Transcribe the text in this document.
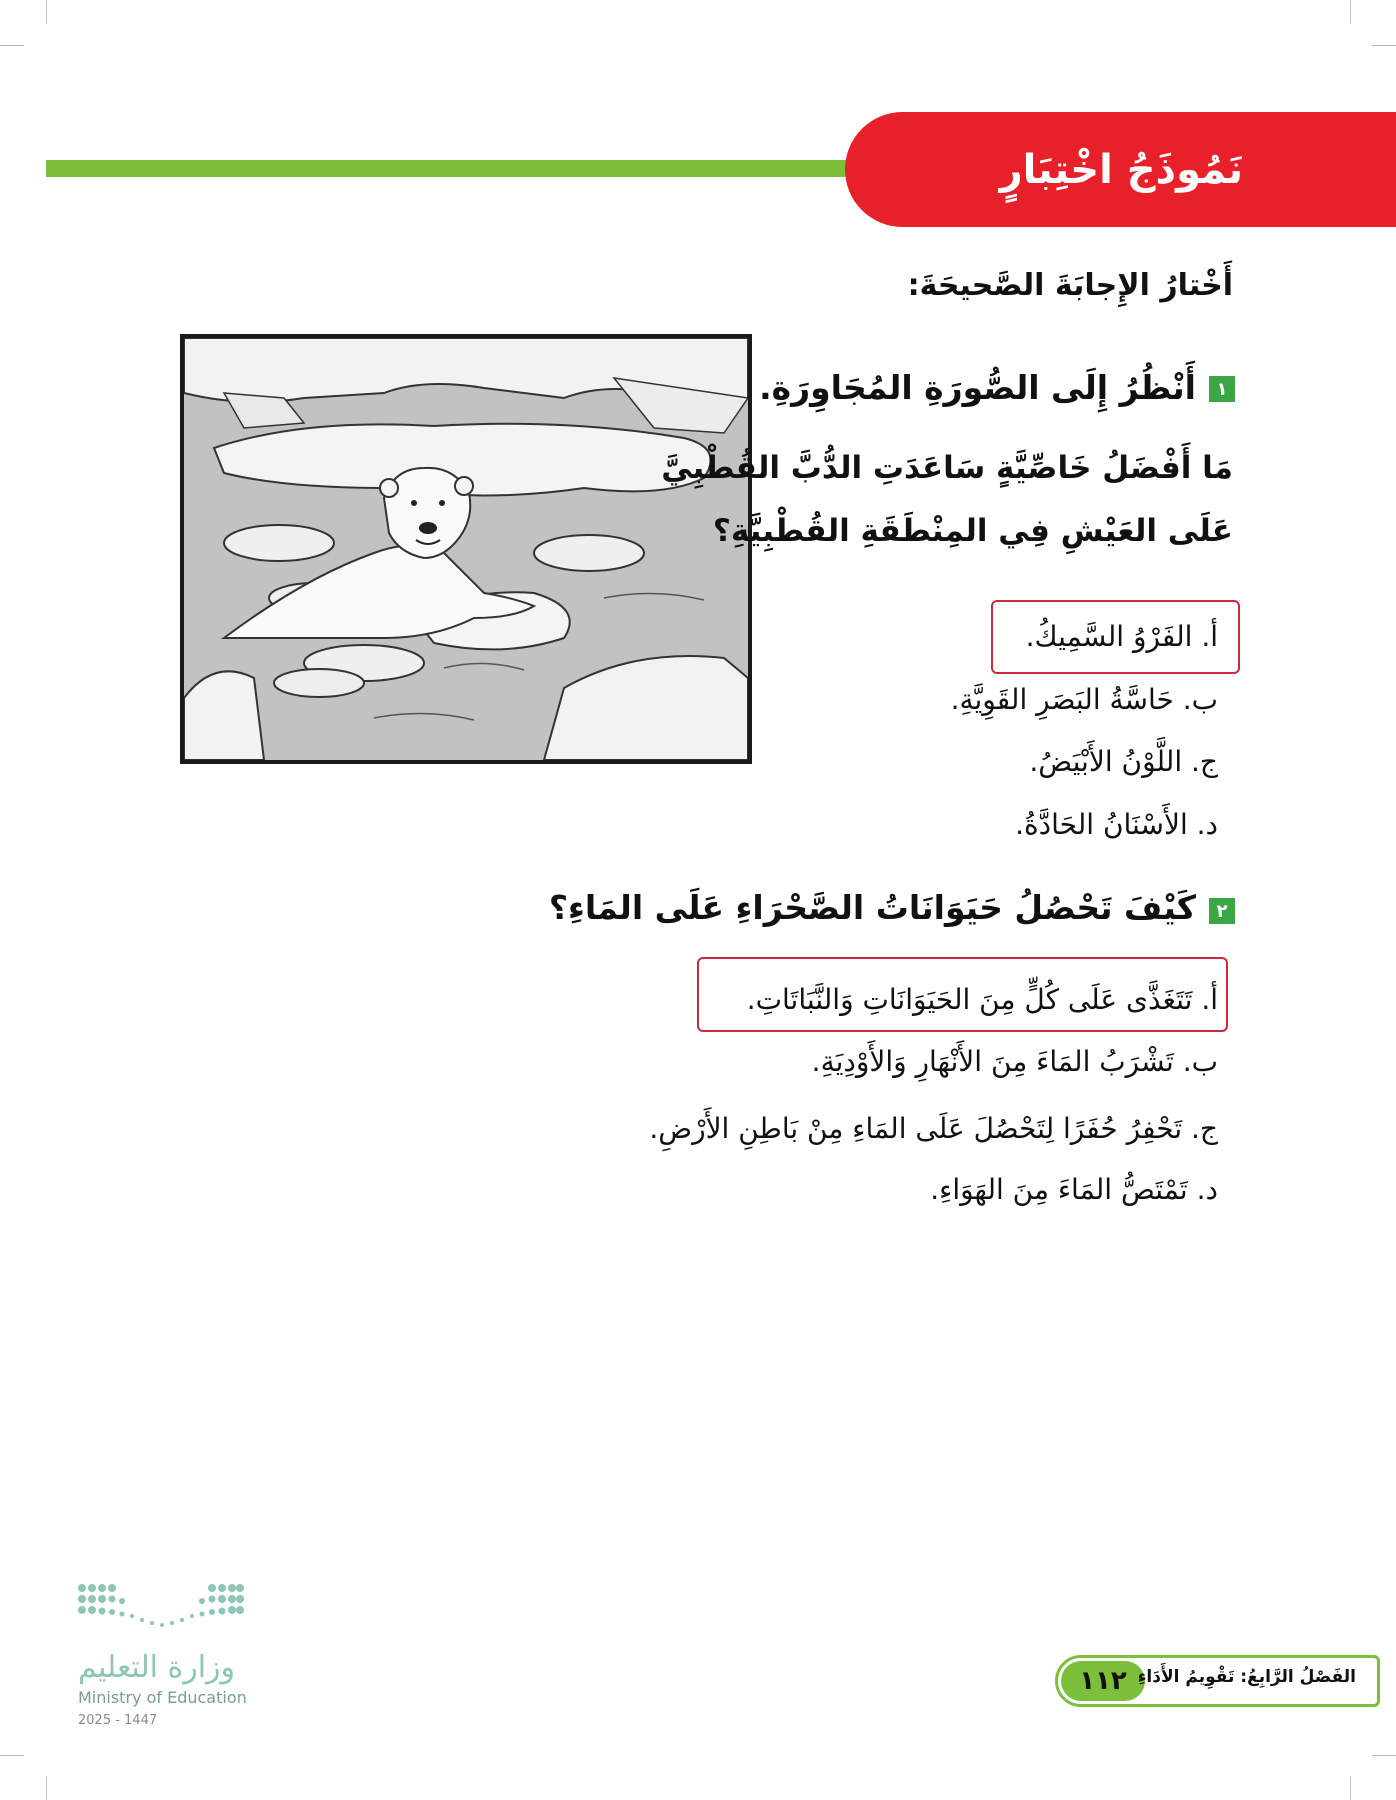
نَمُوذَجُ اخْتِبَارٍ
أَخْتارُ الإِجابَةَ الصَّحيحَةَ:
١
أَنْظُرُ إِلَى الصُّورَةِ المُجَاوِرَةِ.
مَا أَفْضَلُ خَاصِّيَّةٍ سَاعَدَتِ الدُّبَّ القُطْبِيَّ
عَلَى العَيْشِ فِي المِنْطَقَةِ القُطْبِيَّةِ؟
أ. الفَرْوُ السَّمِيكُ.
ب. حَاسَّةُ البَصَرِ القَوِيَّةِ.
ج. اللَّوْنُ الأَبْيَضُ.
د. الأَسْنَانُ الحَادَّةُ.
٢
كَيْفَ تَحْصُلُ حَيَوَانَاتُ الصَّحْرَاءِ عَلَى المَاءِ؟
أ. تَتَغَذَّى عَلَى كُلٍّ مِنَ الحَيَوَانَاتِ وَالنَّبَاتَاتِ.
ب. تَشْرَبُ المَاءَ مِنَ الأَنْهَارِ وَالأَوْدِيَةِ.
ج. تَحْفِرُ حُفَرًا لِتَحْصُلَ عَلَى المَاءِ مِنْ بَاطِنِ الأَرْضِ.
د. تَمْتَصُّ المَاءَ مِنَ الهَوَاءِ.
وزارة التعليم
Ministry of Education
2025 - 1447
١١٢ الفَصْلُ الرَّابِعُ: تَقْوِيمُ الأَدَاءِ
